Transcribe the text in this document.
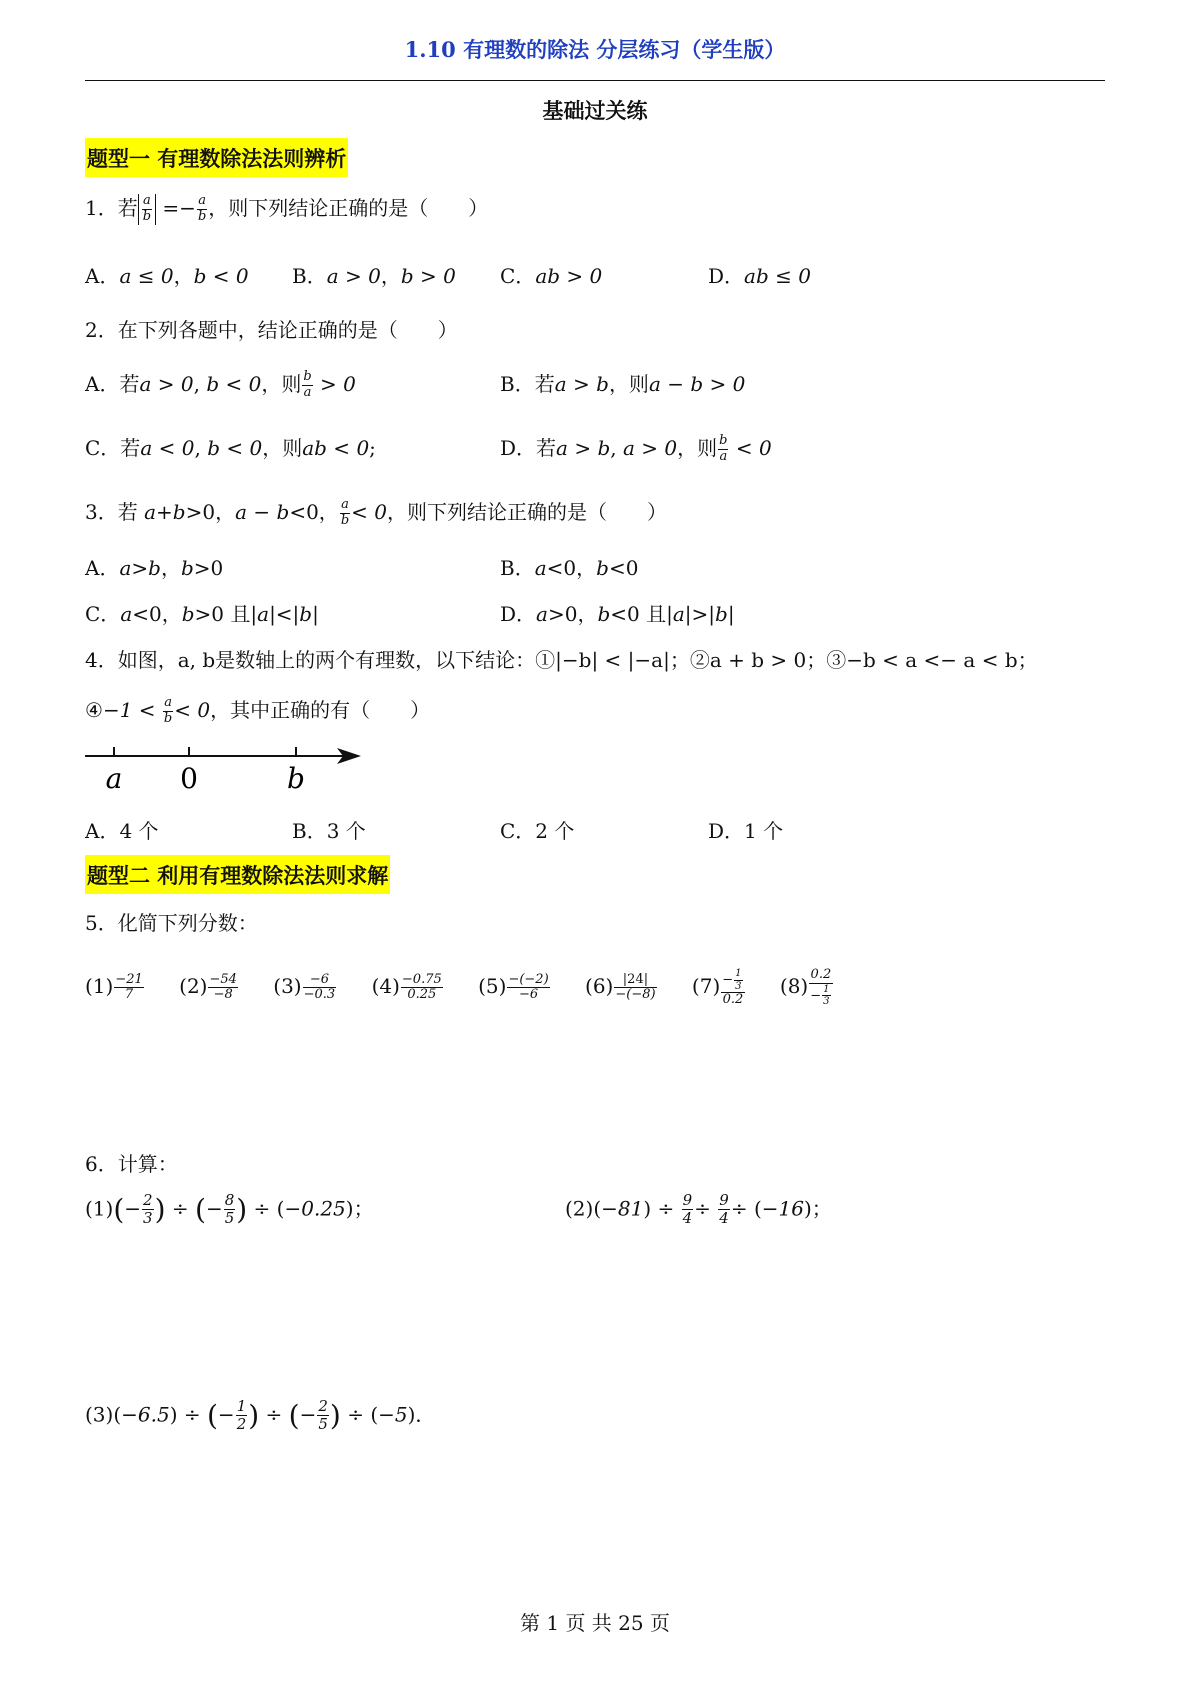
1.10 有理数的除法 分层练习（学生版）
基础过关练
题型一 有理数除法法则辨析
1．若 $\frac{a}{b} =- \frac{a}{b}$ ，则下列结论正确的是（　　）
A．a ≤ 0，b < 0 B．a > 0，b > 0 C．ab > 0	D．ab ≤ 0
2．在下列各题中，结论正确的是（　　）
A．若a > 0, b < 0，则 $\frac{b}{a} > 0$	B．若a > b，则a − b > 0
C．若a < 0, b < 0，则ab < 0;	D．若a > b, a > 0，则 $\frac{b}{a} < 0$
3．若 a+b>0，a − b<0， $\frac{a}{b} < 0$，则下列结论正确的是（　　）
A．a>b，b>0	B．a<0，b<0
C．a<0，b>0 且|a|<|b|	D．a>0，b<0 且|a|>|b|
4．如图，a, b是数轴上的两个有理数，以下结论：①|−b| < |−a|；②a + b > 0；③−b < a <− a < b；
④−1 < $\frac{a}{b} < 0$，其中正确的有（　　）
a 0	b
A．4 个	B．3 个	C．2 个	D．1 个
题型二 利用有理数除法法则求解
5．化简下列分数：
$(1) \frac{-21}{7} (2) \frac{-54}{-8} (3) \frac{-6}{-0.3} (4) \frac{-0.75}{0.25} (5) \frac{-(-2)}{-6} (6) \frac{|24|}{-(-8)} (7) \frac{- \frac{1}{3}}{0.2} (8) \frac{0.2}{- \frac{1}{3}}$
6．计算：
$(1)(- \frac{2}{3}$ ) ÷ (− $\frac{8}{5}$ ) ÷ (−0.25)；	$(2)(-81) \div \frac{9}{4} \div \frac{9}{4} \div (-16)$；
(3)(−6.5) ÷ (− $\frac{1}{2}$ ) ÷ (− $\frac{2}{5}$ ) ÷ (−5)．
第 1 页 共 25 页
